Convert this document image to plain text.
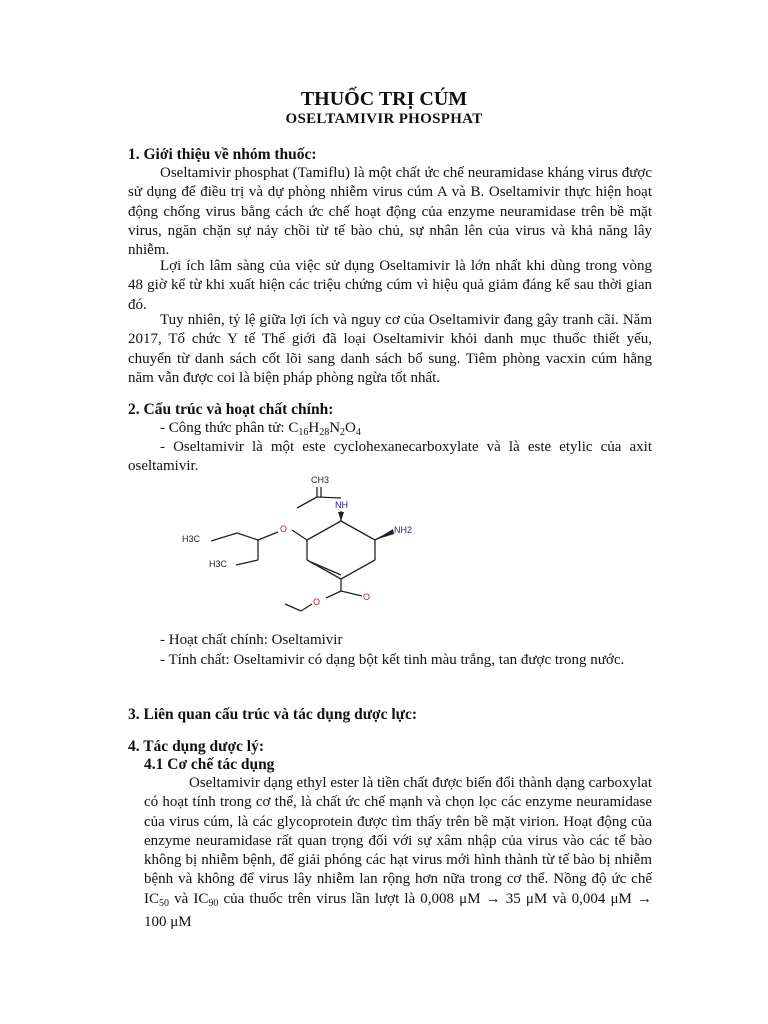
THUỐC TRỊ CÚM
OSELTAMIVIR PHOSPHAT
1. Giới thiệu về nhóm thuốc:

Oseltamivir phosphat (Tamiflu) là một chất ức chế neuramidase kháng virus được sử dụng để điều trị và dự phòng nhiễm virus cúm A và B. Oseltamivir thực hiện hoạt động chống virus bằng cách ức chế hoạt động của enzyme neuramidase trên bề mặt virus, ngăn chặn sự nảy chồi từ tế bào chủ, sự nhân lên của virus và khả năng lây nhiễm.

Lợi ích lâm sàng của việc sử dụng Oseltamivir là lớn nhất khi dùng trong vòng 48 giờ kể từ khi xuất hiện các triệu chứng cúm vì hiệu quả giảm đáng kể sau thời gian đó.

Tuy nhiên, tỷ lệ giữa lợi ích và nguy cơ của Oseltamivir đang gây tranh cãi. Năm 2017, Tổ chức Y tế Thế giới đã loại Oseltamivir khỏi danh mục thuốc thiết yếu, chuyển từ danh sách cốt lõi sang danh sách bổ sung. Tiêm phòng vacxin cúm hằng năm vẫn được coi là biện pháp phòng ngừa tốt nhất.

2. Cấu trúc và hoạt chất chính:
- Công thức phân tử: $C_{16}H_{28}N_2O_4$

- Oseltamivir là một este cyclohexanecarboxylate và là este etylic của axit oseltamivir.

CH3
NH
O	NH2
H3C
H3C
O
O
- Hoạt chất chính: Oseltamivir

- Tính chất: Oseltamivir có dạng bột kết tinh màu trắng, tan được trong nước.

3. Liên quan cấu trúc và tác dụng dược lực:
4. Tác dụng dược lý:
4.1 Cơ chế tác dụng

Oseltamivir dạng ethyl ester là tiền chất được biến đổi thành dạng carboxylat có hoạt tính trong cơ thể, là chất ức chế mạnh và chọn lọc các enzyme neuramidase của virus cúm, là các glycoprotein được tìm thấy trên bề mặt virion. Hoạt động của enzyme neuramidase rất quan trọng đối với sự xâm nhập của virus vào các tế bào không bị nhiễm bệnh, để giải phóng các hạt virus mới hình thành từ tế bào bị nhiễm bệnh và không để virus lây nhiễm lan rộng hơn nữa trong cơ thể. Nồng độ ức chế $IC_{50}$ và $IC_{90}$ của thuốc trên virus lần lượt là 0,008 μM → 35 μM và 0,004 μM → 100 μM
